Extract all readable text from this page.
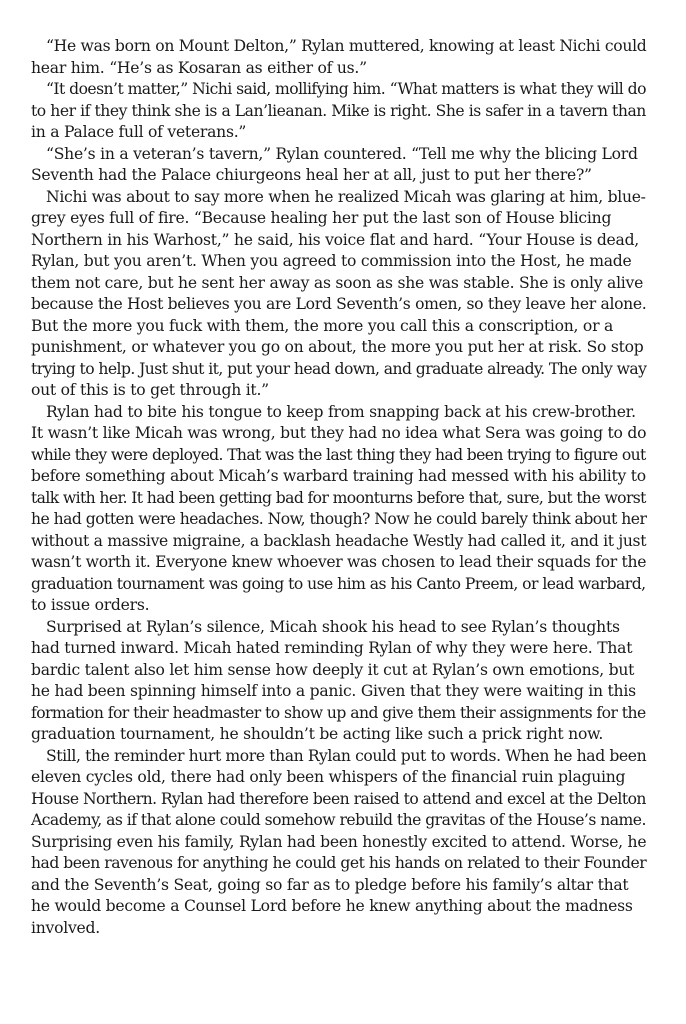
“He was born on Mount Delton,” Rylan muttered, knowing at least Nichi could
hear him. “He’s as Kosaran as either of us.”
“It doesn’t matter,” Nichi said, mollifying him. “What matters is what they will do
to her if they think she is a Lan’lieanan. Mike is right. She is safer in a tavern than
in a Palace full of veterans.”
“She’s in a veteran’s tavern,” Rylan countered. “Tell me why the blicing Lord
Seventh had the Palace chiurgeons heal her at all, just to put her there?”
Nichi was about to say more when he realized Micah was glaring at him, blue-
grey eyes full of fire. “Because healing her put the last son of House blicing
Northern in his Warhost,” he said, his voice flat and hard. “Your House is dead,
Rylan, but you aren’t. When you agreed to commission into the Host, he made
them not care, but he sent her away as soon as she was stable. She is only alive
because the Host believes you are Lord Seventh’s omen, so they leave her alone.
But the more you fuck with them, the more you call this a conscription, or a
punishment, or whatever you go on about, the more you put her at risk. So stop
trying to help. Just shut it, put your head down, and graduate already. The only way
out of this is to get through it.”
Rylan had to bite his tongue to keep from snapping back at his crew-brother.
It wasn’t like Micah was wrong, but they had no idea what Sera was going to do
while they were deployed. That was the last thing they had been trying to figure out
before something about Micah’s warbard training had messed with his ability to
talk with her. It had been getting bad for moonturns before that, sure, but the worst
he had gotten were headaches. Now, though? Now he could barely think about her
without a massive migraine, a backlash headache Westly had called it, and it just
wasn’t worth it. Everyone knew whoever was chosen to lead their squads for the
graduation tournament was going to use him as his Canto Preem, or lead warbard,
to issue orders.
Surprised at Rylan’s silence, Micah shook his head to see Rylan’s thoughts
had turned inward. Micah hated reminding Rylan of why they were here. That
bardic talent also let him sense how deeply it cut at Rylan’s own emotions, but
he had been spinning himself into a panic. Given that they were waiting in this
formation for their headmaster to show up and give them their assignments for the
graduation tournament, he shouldn’t be acting like such a prick right now.
Still, the reminder hurt more than Rylan could put to words. When he had been
eleven cycles old, there had only been whispers of the financial ruin plaguing
House Northern. Rylan had therefore been raised to attend and excel at the Delton
Academy, as if that alone could somehow rebuild the gravitas of the House’s name.
Surprising even his family, Rylan had been honestly excited to attend. Worse, he
had been ravenous for anything he could get his hands on related to their Founder
and the Seventh’s Seat, going so far as to pledge before his family’s altar that
he would become a Counsel Lord before he knew anything about the madness
involved.
